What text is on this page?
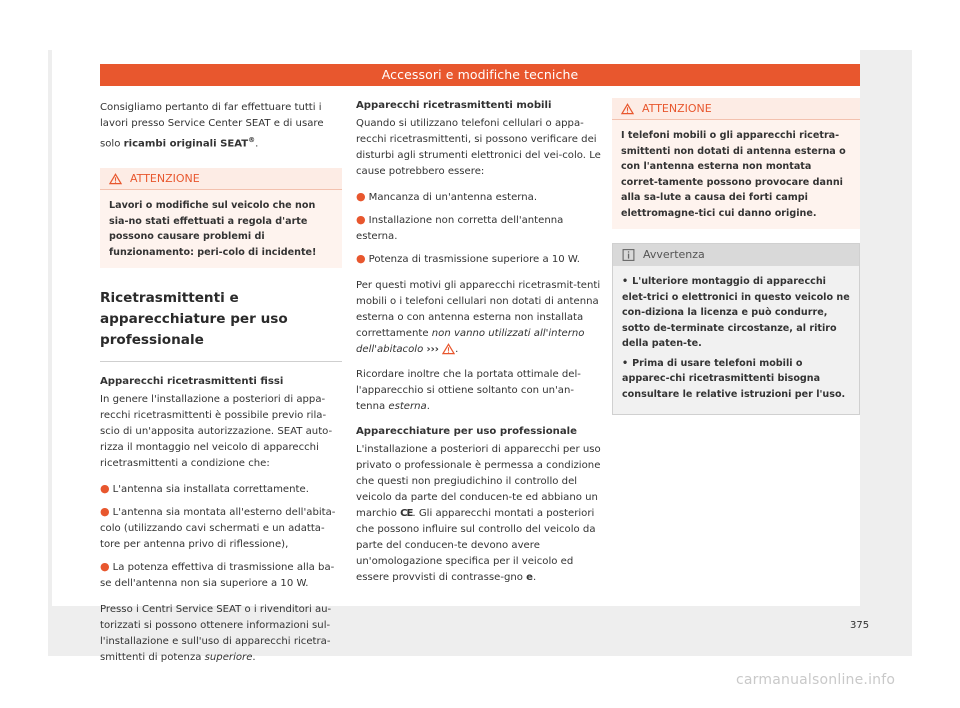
Accessori e modifiche tecniche

Consigliamo pertanto di far effettuare tutti i lavori presso Service Center SEAT e di usare solo ricambi originali SEAT®.

ATTENZIONE
Lavori o modifiche sul veicolo che non sia-no stati effettuati a regola d'arte possono causare problemi di funzionamento: peri-colo di incidente!
Ricetrasmittenti e apparecchiature per uso professionale
Apparecchi ricetrasmittenti fissi

In genere l'installazione a posteriori di appa-recchi ricetrasmittenti è possibile previo rila-scio di un'apposita autorizzazione. SEAT auto-rizza il montaggio nel veicolo di apparecchi ricetrasmittenti a condizione che:

● L'antenna sia installata correttamente.
● L'antenna sia montata all'esterno dell'abita-colo (utilizzando cavi schermati e un adatta-tore per antenna privo di riflessione),
● La potenza effettiva di trasmissione alla ba-se dell'antenna non sia superiore a 10 W.

Presso i Centri Service SEAT o i rivenditori au-torizzati si possono ottenere informazioni sul-l'installazione e sull'uso di apparecchi ricetra-smittenti di potenza superiore.

Apparecchi ricetrasmittenti mobili

Quando si utilizzano telefoni cellulari o appa-recchi ricetrasmittenti, si possono verificare dei disturbi agli strumenti elettronici del vei-colo. Le cause potrebbero essere:

● Mancanza di un'antenna esterna.
● Installazione non corretta dell'antenna esterna.
● Potenza di trasmissione superiore a 10 W.

Per questi motivi gli apparecchi ricetrasmit-tenti mobili o i telefoni cellulari non dotati di antenna esterna o con antenna esterna non installata correttamente non vanno utilizzati all'interno dell'abitacolo ››› .

Ricordare inoltre che la portata ottimale del-l'apparecchio si ottiene soltanto con un'an-tenna esterna.

Apparecchiature per uso professionale

L'installazione a posteriori di apparecchi per uso privato o professionale è permessa a condizione che questi non pregiudichino il controllo del veicolo da parte del conducen-te ed abbiano un marchio CE. Gli apparecchi montati a posteriori che possono influire sul controllo del veicolo da parte del conducen-te devono avere un'omologazione specifica per il veicolo ed essere provvisti di contrasse-gno e.

ATTENZIONE
I telefoni mobili o gli apparecchi ricetra-smittenti non dotati di antenna esterna o con l'antenna esterna non montata corret-tamente possono provocare danni alla sa-lute a causa dei forti campi elettromagne-tici cui danno origine.
Avvertenza
• L'ulteriore montaggio di apparecchi elet-trici o elettronici in questo veicolo ne con-diziona la licenza e può condurre, sotto de-terminate circostanze, al ritiro della paten-te.
• Prima di usare telefoni mobili o apparec-chi ricetrasmittenti bisogna consultare le relative istruzioni per l'uso.
375
carmanualsonline.info
